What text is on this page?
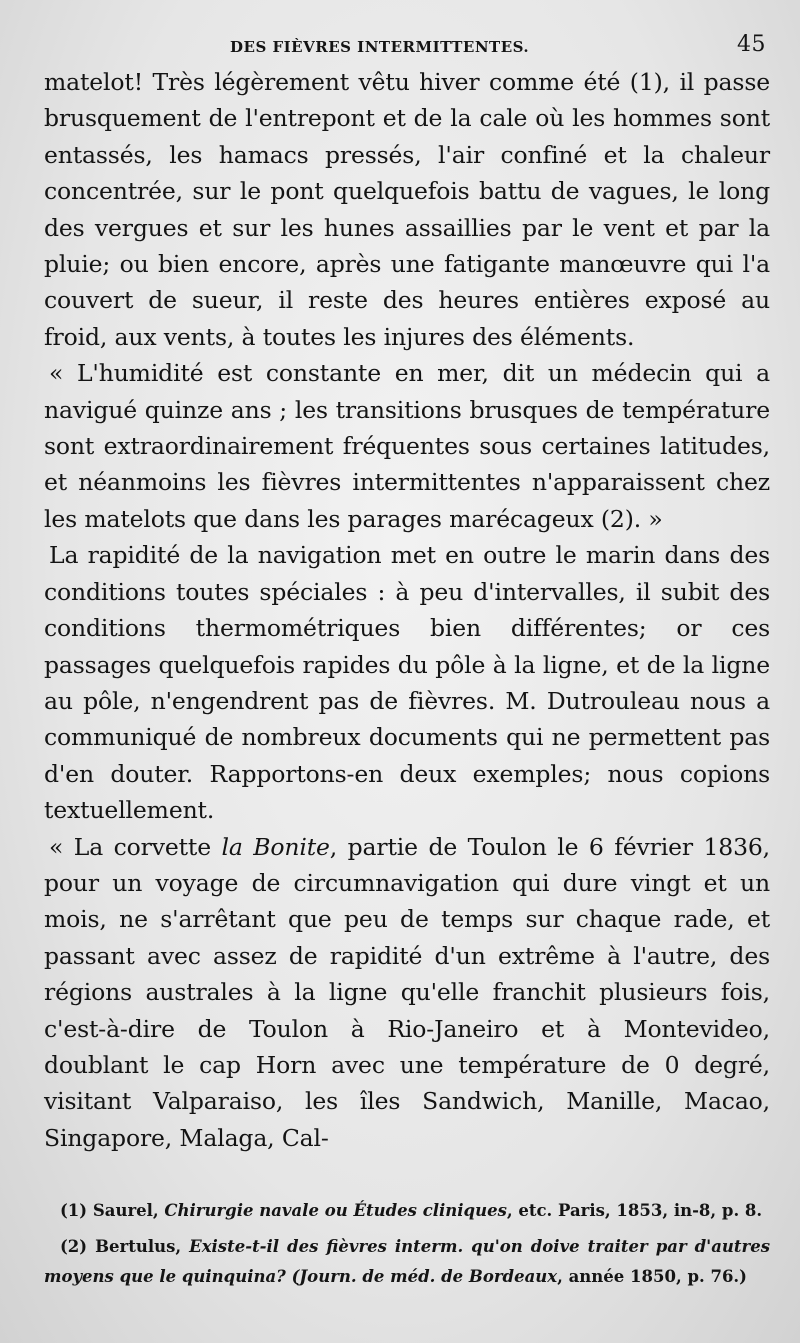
DES FIÈVRES INTERMITTENTES.	45

matelot! Très légèrement vêtu hiver comme été (1), il passe brusquement de l'entrepont et de la cale où les hommes sont entassés, les hamacs pressés, l'air confiné et la chaleur concentrée, sur le pont quelquefois battu de vagues, le long des vergues et sur les hunes assaillies par le vent et par la pluie; ou bien encore, après une fatigante manœuvre qui l'a couvert de sueur, il reste des heures entières exposé au froid, aux vents, à toutes les injures des éléments.

« L'humidité est constante en mer, dit un médecin qui a navigué quinze ans ; les transitions brusques de température sont extraordinairement fréquentes sous certaines latitudes, et néanmoins les fièvres intermittentes n'apparaissent chez les matelots que dans les parages marécageux (2). »

La rapidité de la navigation met en outre le marin dans des conditions toutes spéciales : à peu d'intervalles, il subit des conditions thermométriques bien différentes; or ces passages quelquefois rapides du pôle à la ligne, et de la ligne au pôle, n'engendrent pas de fièvres. M. Dutrouleau nous a communiqué de nombreux documents qui ne permettent pas d'en douter. Rapportons-en deux exemples; nous copions textuellement.

« La corvette la Bonite, partie de Toulon le 6 février 1836, pour un voyage de circumnavigation qui dure vingt et un mois, ne s'arrêtant que peu de temps sur chaque rade, et passant avec assez de rapidité d'un extrême à l'autre, des régions australes à la ligne qu'elle franchit plusieurs fois, c'est-à-dire de Toulon à Rio-Janeiro et à Montevideo, doublant le cap Horn avec une température de 0 degré, visitant Valparaiso, les îles Sandwich, Manille, Macao, Singapore, Malaga, Cal-

(1) Saurel, Chirurgie navale ou Études cliniques, etc. Paris, 1853, in-8, p. 8.

(2) Bertulus, Existe-t-il des fièvres interm. qu'on doive traiter par d'autres moyens que le quinquina? (Journ. de méd. de Bordeaux, année 1850, p. 76.)
